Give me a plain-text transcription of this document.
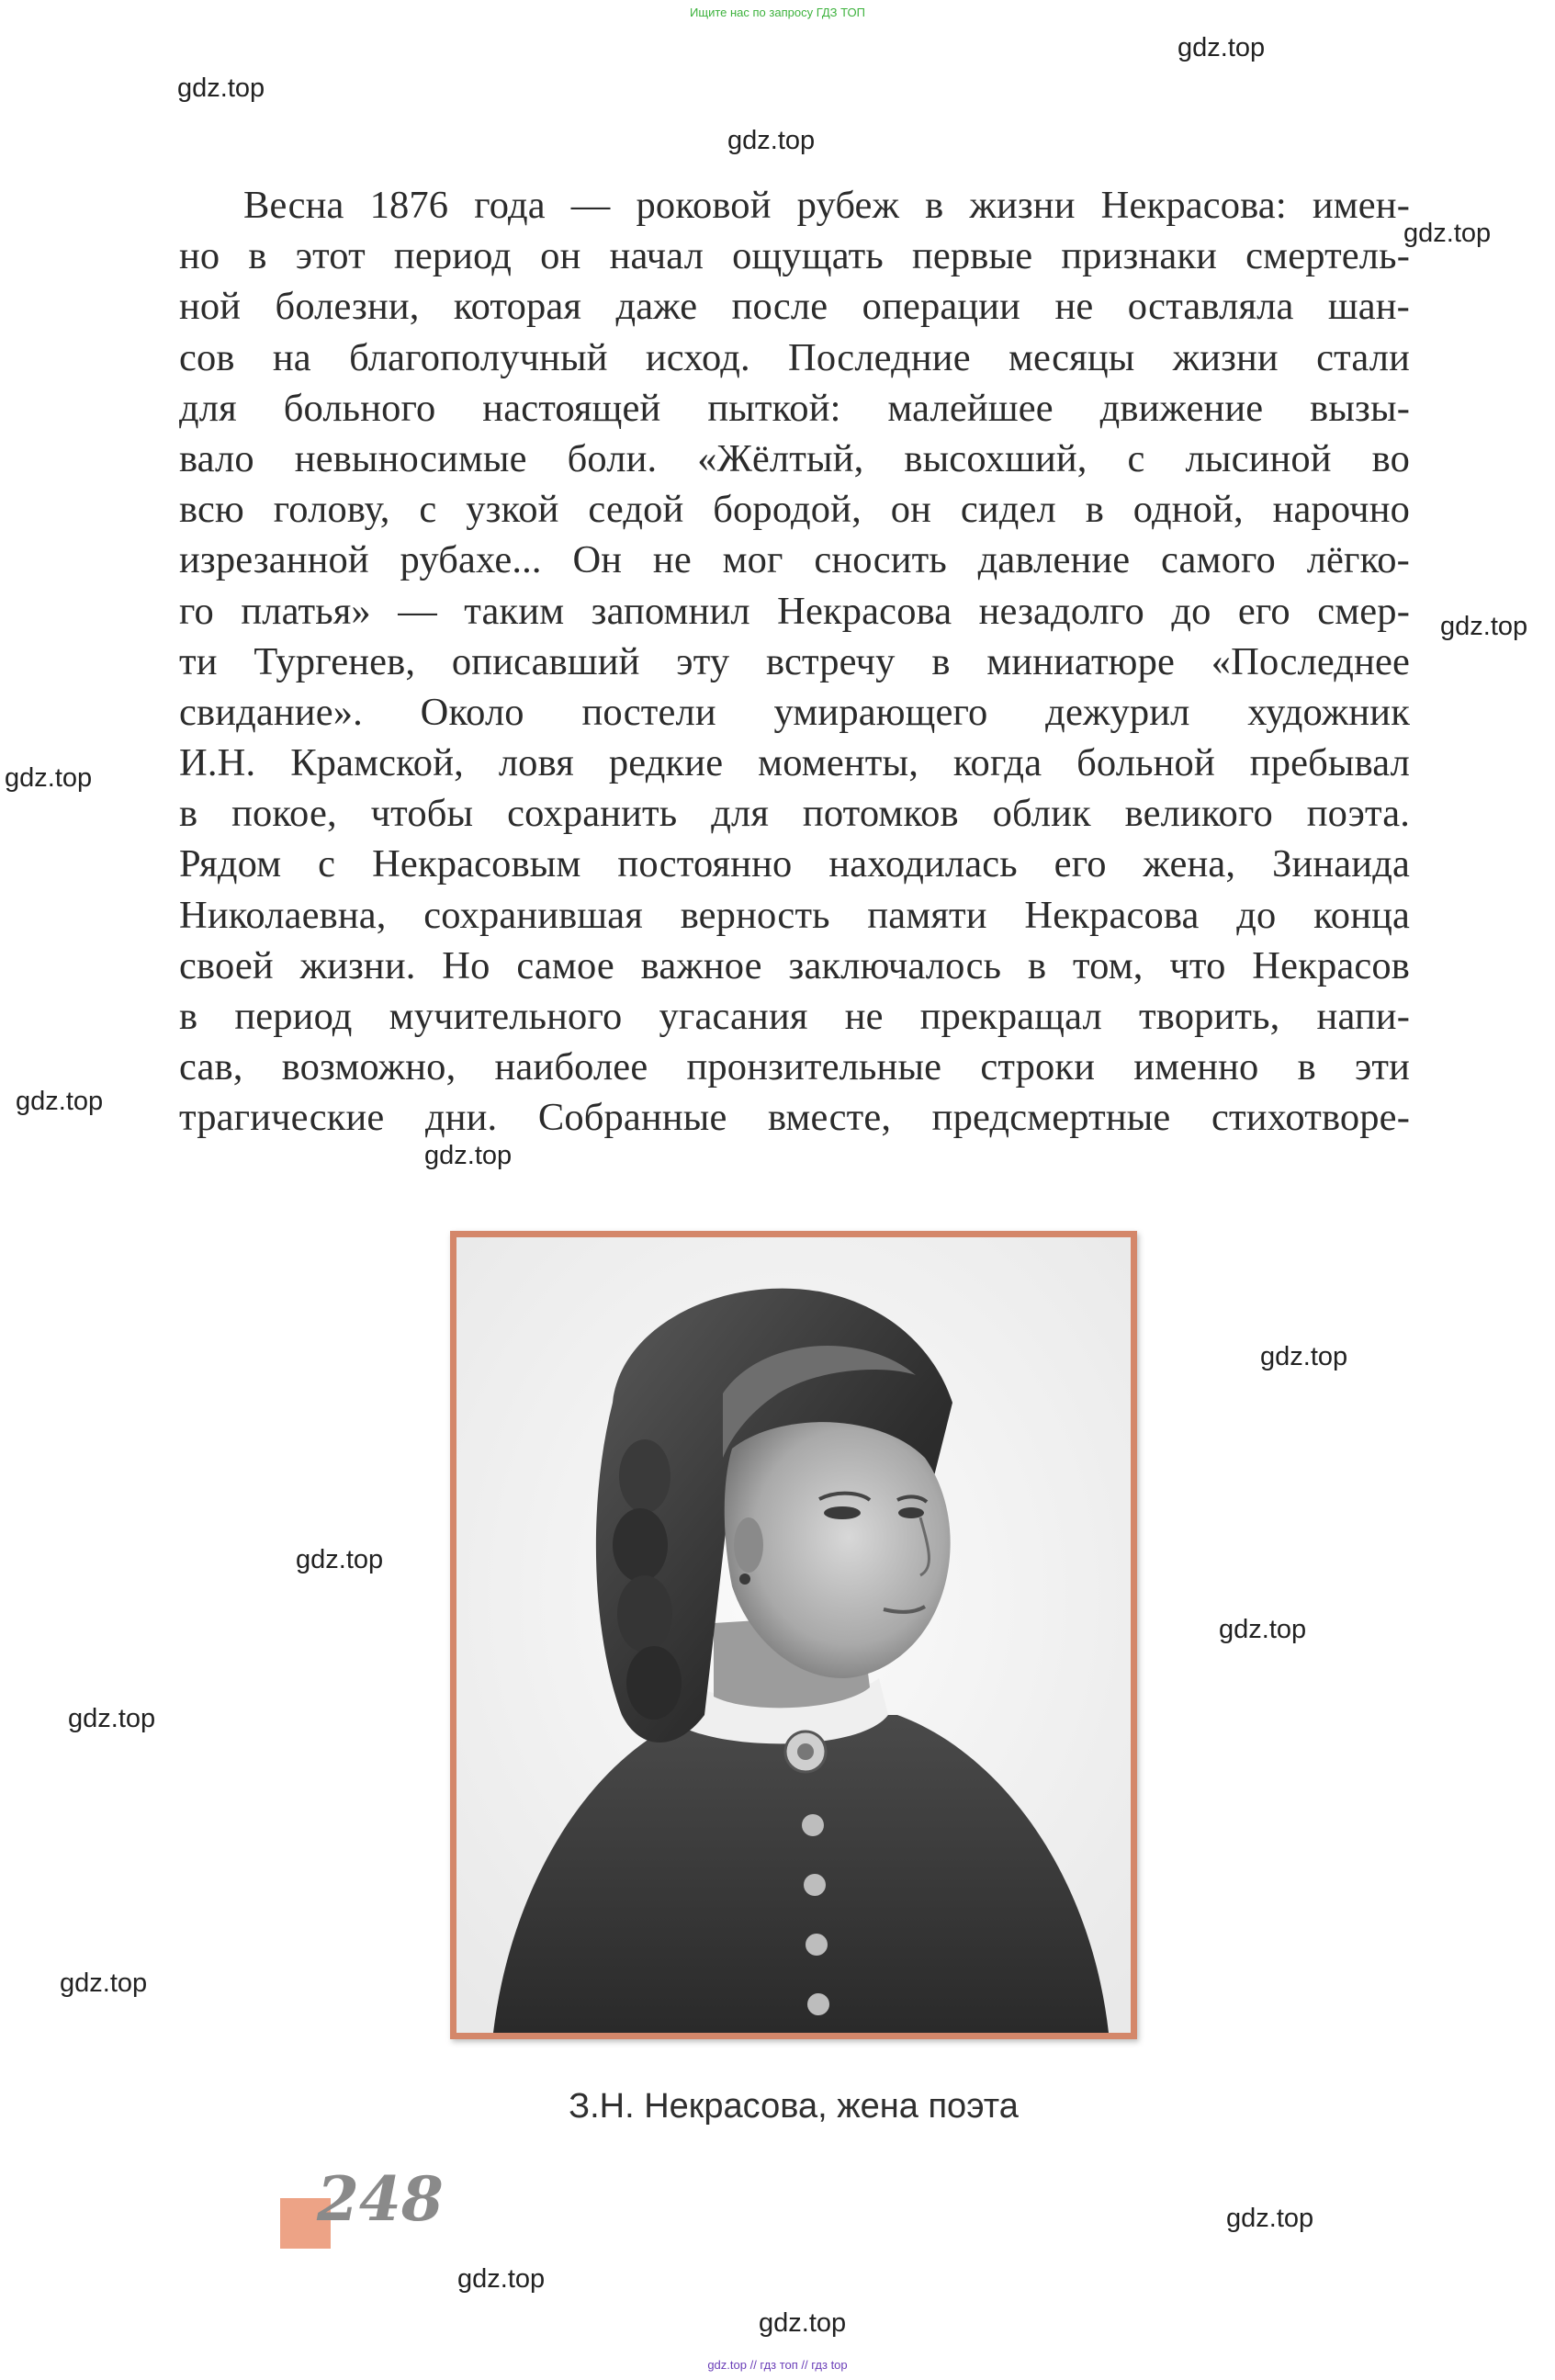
Ищите нас по запросу ГДЗ ТОП
gdz.top
gdz.top
gdz.top
gdz.top
gdz.top
gdz.top
gdz.top
gdz.top
gdz.top
gdz.top
gdz.top
gdz.top
gdz.top
gdz.top
gdz.top
gdz.top
Весна 1876 года — роковой рубеж в жизни Некрасова: имен-
но в этот период он начал ощущать первые признаки смертель-
ной болезни, которая даже после операции не оставляла шан-
сов на благополучный исход. Последние месяцы жизни стали
для больного настоящей пыткой: малейшее движение вызы-
вало невыносимые боли. «Жёлтый, высохший, с лысиной во
всю голову, с узкой седой бородой, он сидел в одной, нарочно
изрезанной рубахе... Он не мог сносить давление самого лёгко-
го платья» — таким запомнил Некрасова незадолго до его смер-
ти Тургенев, описавший эту встречу в миниатюре «Последнее
свидание». Около постели умирающего дежурил художник
И.Н. Крамской, ловя редкие моменты, когда больной пребывал
в покое, чтобы сохранить для потомков облик великого поэта.
Рядом с Некрасовым постоянно находилась его жена, Зинаида
Николаевна, сохранившая верность памяти Некрасова до конца
своей жизни. Но самое важное заключалось в том, что Некрасов
в период мучительного угасания не прекращал творить, напи-
сав, возможно, наиболее пронзительные строки именно в эти
трагические дни. Собранные вместе, предсмертные стихотворе-
З.Н. Некрасова, жена поэта
248
gdz.top // гдз топ // гдз top
